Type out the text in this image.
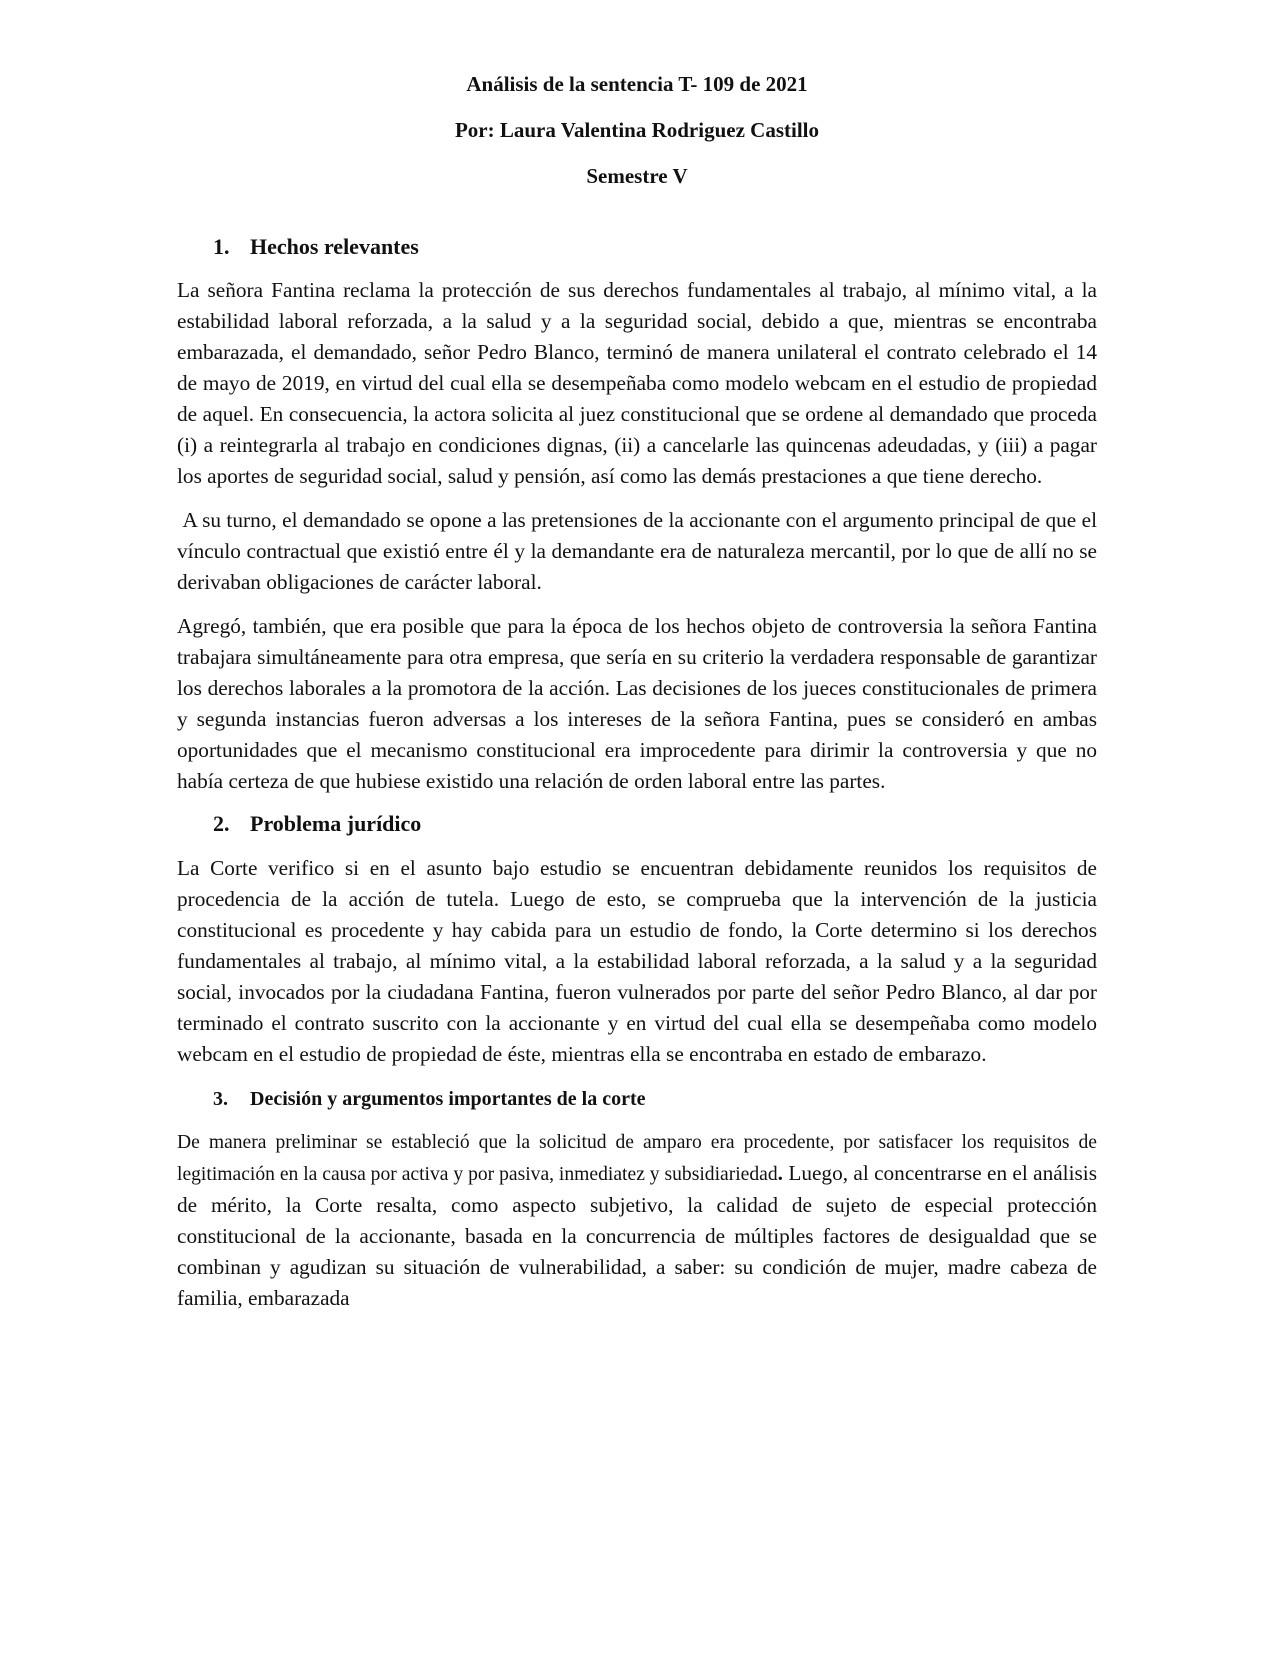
Análisis de la sentencia T- 109 de 2021
Por: Laura Valentina Rodriguez Castillo
Semestre V
1. Hechos relevantes

La señora Fantina reclama la protección de sus derechos fundamentales al trabajo, al mínimo vital, a la estabilidad laboral reforzada, a la salud y a la seguridad social, debido a que, mientras se encontraba embarazada, el demandado, señor Pedro Blanco, terminó de manera unilateral el contrato celebrado el 14 de mayo de 2019, en virtud del cual ella se desempeñaba como modelo webcam en el estudio de propiedad de aquel. En consecuencia, la actora solicita al juez constitucional que se ordene al demandado que proceda (i) a reintegrarla al trabajo en condiciones dignas, (ii) a cancelarle las quincenas adeudadas, y (iii) a pagar los aportes de seguridad social, salud y pensión, así como las demás prestaciones a que tiene derecho.

A su turno, el demandado se opone a las pretensiones de la accionante con el argumento principal de que el vínculo contractual que existió entre él y la demandante era de naturaleza mercantil, por lo que de allí no se derivaban obligaciones de carácter laboral.

Agregó, también, que era posible que para la época de los hechos objeto de controversia la señora Fantina trabajara simultáneamente para otra empresa, que sería en su criterio la verdadera responsable de garantizar los derechos laborales a la promotora de la acción. Las decisiones de los jueces constitucionales de primera y segunda instancias fueron adversas a los intereses de la señora Fantina, pues se consideró en ambas oportunidades que el mecanismo constitucional era improcedente para dirimir la controversia y que no había certeza de que hubiese existido una relación de orden laboral entre las partes.

2. Problema jurídico

La Corte verifico si en el asunto bajo estudio se encuentran debidamente reunidos los requisitos de procedencia de la acción de tutela. Luego de esto, se comprueba que la intervención de la justicia constitucional es procedente y hay cabida para un estudio de fondo, la Corte determino si los derechos fundamentales al trabajo, al mínimo vital, a la estabilidad laboral reforzada, a la salud y a la seguridad social, invocados por la ciudadana Fantina, fueron vulnerados por parte del señor Pedro Blanco, al dar por terminado el contrato suscrito con la accionante y en virtud del cual ella se desempeñaba como modelo webcam en el estudio de propiedad de éste, mientras ella se encontraba en estado de embarazo.

3.	Decisión y argumentos importantes de la corte

De manera preliminar se estableció que la solicitud de amparo era procedente, por satisfacer los requisitos de legitimación en la causa por activa y por pasiva, inmediatez y subsidiariedad. Luego, al concentrarse en el análisis de mérito, la Corte resalta, como aspecto subjetivo, la calidad de sujeto de especial protección constitucional de la accionante, basada en la concurrencia de múltiples factores de desigualdad que se combinan y agudizan su situación de vulnerabilidad, a saber: su condición de mujer, madre cabeza de familia, embarazada
